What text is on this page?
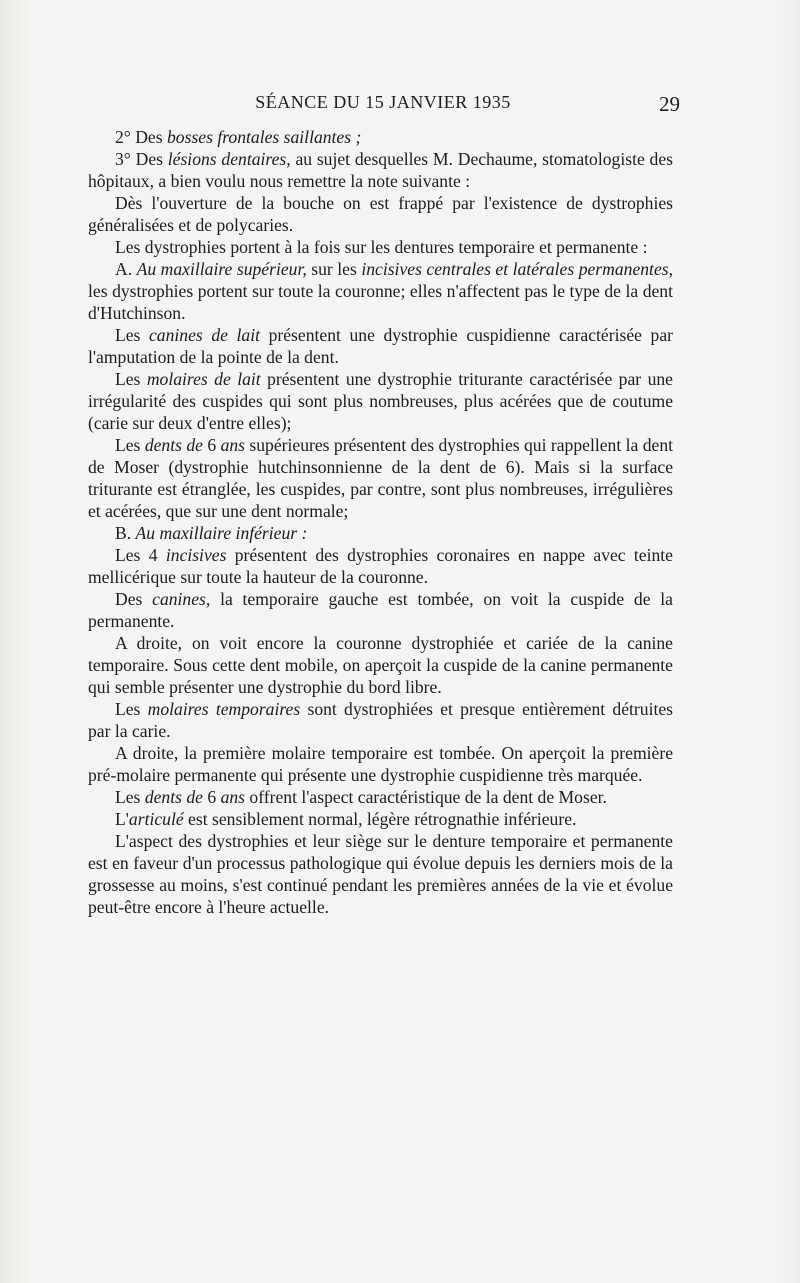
SÉANCE DU 15 JANVIER 1935	29

2° Des bosses frontales saillantes ;

3° Des lésions dentaires, au sujet desquelles M. Dechaume, stomatologiste des hôpitaux, a bien voulu nous remettre la note suivante :

Dès l'ouverture de la bouche on est frappé par l'existence de dystrophies généralisées et de polycaries.

Les dystrophies portent à la fois sur les dentures temporaire et permanente :

A. Au maxillaire supérieur, sur les incisives centrales et latérales permanentes, les dystrophies portent sur toute la couronne; elles n'affectent pas le type de la dent d'Hutchinson.

Les canines de lait présentent une dystrophie cuspidienne caractérisée par l'amputation de la pointe de la dent.

Les molaires de lait présentent une dystrophie triturante caractérisée par une irrégularité des cuspides qui sont plus nombreuses, plus acérées que de coutume (carie sur deux d'entre elles);

Les dents de 6 ans supérieures présentent des dystrophies qui rappellent la dent de Moser (dystrophie hutchinsonnienne de la dent de 6). Mais si la surface triturante est étranglée, les cuspides, par contre, sont plus nombreuses, irrégulières et acérées, que sur une dent normale;

B. Au maxillaire inférieur :

Les 4 incisives présentent des dystrophies coronaires en nappe avec teinte mellicérique sur toute la hauteur de la couronne.

Des canines, la temporaire gauche est tombée, on voit la cuspide de la permanente.

A droite, on voit encore la couronne dystrophiée et cariée de la canine temporaire. Sous cette dent mobile, on aperçoit la cuspide de la canine permanente qui semble présenter une dystrophie du bord libre.

Les molaires temporaires sont dystrophiées et presque entièrement détruites par la carie.

A droite, la première molaire temporaire est tombée. On aperçoit la première pré-molaire permanente qui présente une dystrophie cuspidienne très marquée.

Les dents de 6 ans offrent l'aspect caractéristique de la dent de Moser.

L'articulé est sensiblement normal, légère rétrognathie inférieure.

L'aspect des dystrophies et leur siège sur le denture temporaire et permanente est en faveur d'un processus pathologique qui évolue depuis les derniers mois de la grossesse au moins, s'est continué pendant les premières années de la vie et évolue peut-être encore à l'heure actuelle.
